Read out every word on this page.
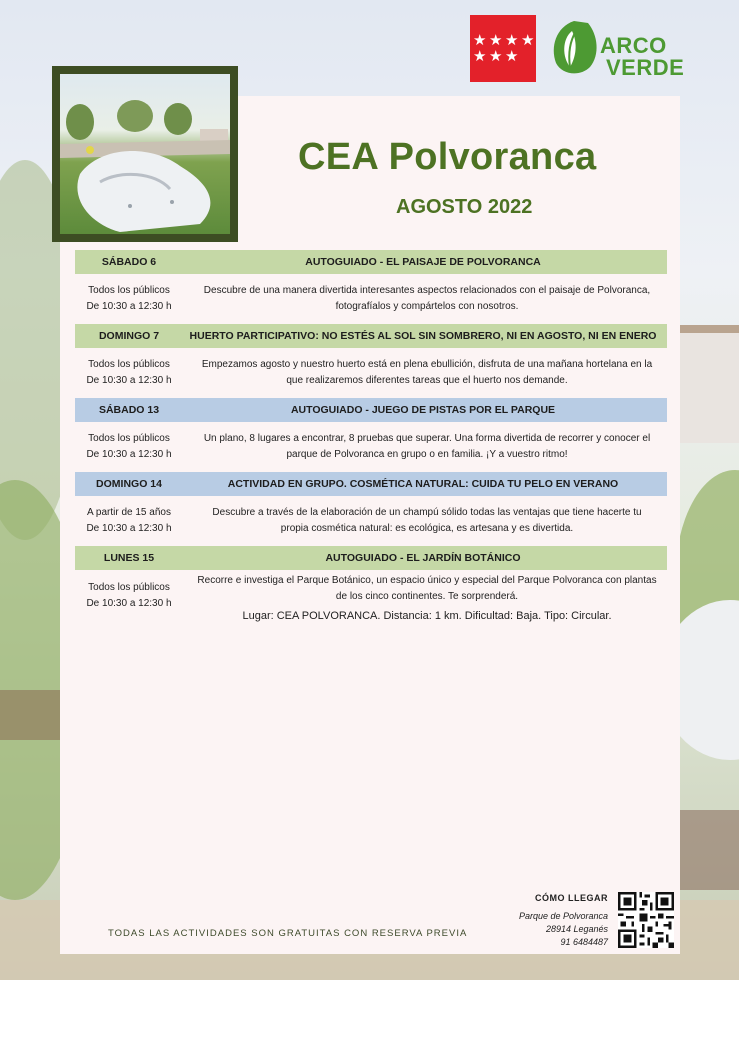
★ ★ ★ ★
★ ★ ★	ARCO
VERDE
CEA Polvoranca
AGOSTO 2022
SÁBADO 6	AUTOGUIADO - EL PAISAJE DE POLVORANCA
Todos los públicos
De 10:30 a 12:30 h
Descubre de una manera divertida interesantes aspectos relacionados con el paisaje de Polvoranca,
fotografíalos y compártelos con nosotros.
DOMINGO 7	HUERTO PARTICIPATIVO: NO ESTÉS AL SOL SIN SOMBRERO, NI EN AGOSTO, NI EN ENERO
Todos los públicos
De 10:30 a 12:30 h
Empezamos agosto y nuestro huerto está en plena ebullición, disfruta de una mañana hortelana en la
que realizaremos diferentes tareas que el huerto nos demande.
SÁBADO 13	AUTOGUIADO - JUEGO DE PISTAS POR EL PARQUE
Todos los públicos
De 10:30 a 12:30 h
Un plano, 8 lugares a encontrar, 8 pruebas que superar. Una forma divertida de recorrer y conocer el
parque de Polvoranca en grupo o en familia. ¡Y a vuestro ritmo!
DOMINGO 14	ACTIVIDAD EN GRUPO. COSMÉTICA NATURAL: CUIDA TU PELO EN VERANO
A partir de 15 años
De 10:30 a 12:30 h
Descubre a través de la elaboración de un champú sólido todas las ventajas que tiene hacerte tu
propia cosmética natural: es ecológica, es artesana y es divertida.
LUNES 15	AUTOGUIADO - EL JARDÍN BOTÁNICO
Todos los públicos
De 10:30 a 12:30 h
Recorre e investiga el Parque Botánico, un espacio único y especial del Parque Polvoranca con plantas
de los cinco continentes. Te sorprenderá.
Lugar: CEA POLVORANCA. Distancia: 1 km. Dificultad: Baja. Tipo: Circular.
TODAS LAS ACTIVIDADES SON GRATUITAS CON RESERVA PREVIA
CÓMO LLEGAR
Parque de Polvoranca
28914 Leganés
91 6484487
